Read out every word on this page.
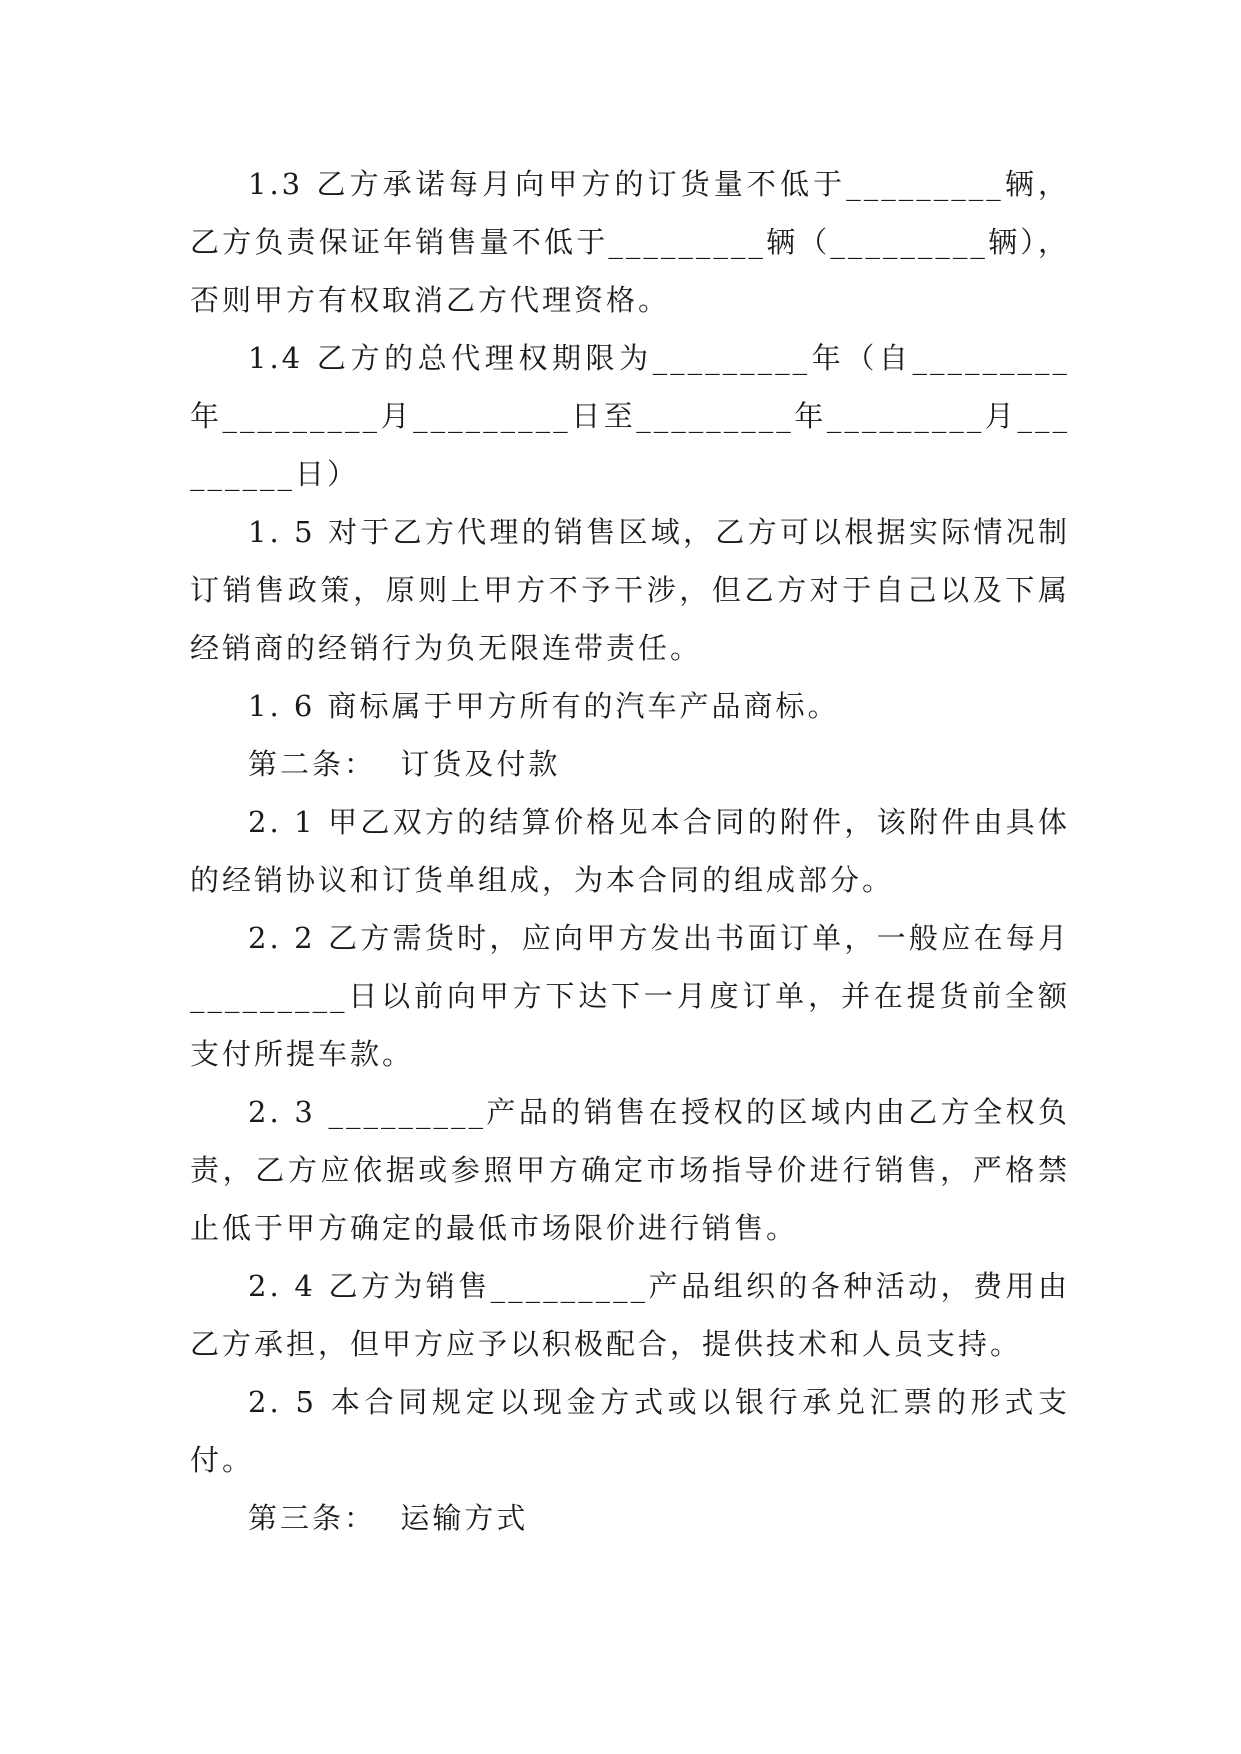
1.3 乙方承诺每月向甲方的订货量不低于_________辆，乙方负责保证年销售量不低于_________辆（_________辆），否则甲方有权取消乙方代理资格。

1.4 乙方的总代理权期限为_________年（自_________年_________月_________日至_________年_________月_________日）

1. 5 对于乙方代理的销售区域，乙方可以根据实际情况制订销售政策，原则上甲方不予干涉，但乙方对于自己以及下属经销商的经销行为负无限连带责任。

1. 6 商标属于甲方所有的汽车产品商标。

第二条：  订货及付款

2. 1 甲乙双方的结算价格见本合同的附件，该附件由具体的经销协议和订货单组成，为本合同的组成部分。

2. 2 乙方需货时，应向甲方发出书面订单，一般应在每月_________日以前向甲方下达下一月度订单，并在提货前全额支付所提车款。

2. 3 _________产品的销售在授权的区域内由乙方全权负责，乙方应依据或参照甲方确定市场指导价进行销售，严格禁止低于甲方确定的最低市场限价进行销售。

2. 4 乙方为销售_________产品组织的各种活动，费用由乙方承担，但甲方应予以积极配合，提供技术和人员支持。

2. 5 本合同规定以现金方式或以银行承兑汇票的形式支付。

第三条：  运输方式
